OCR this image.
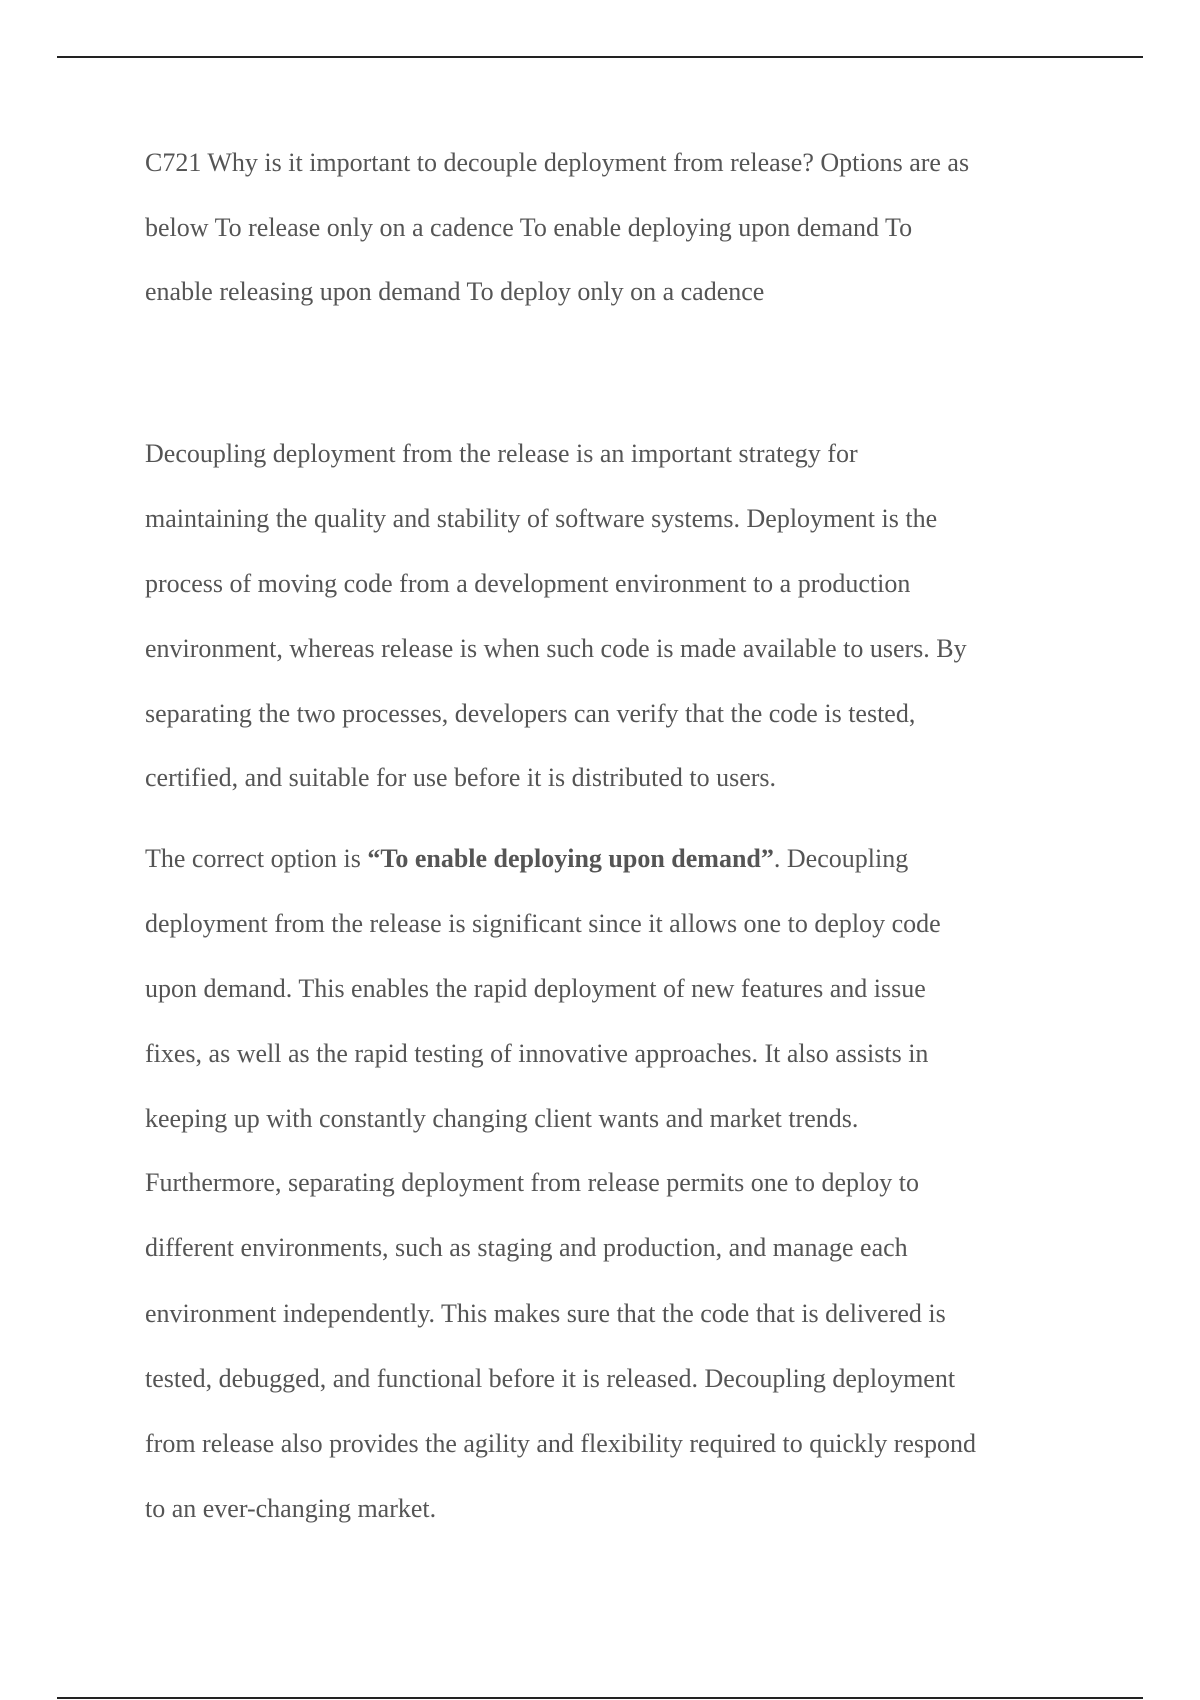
C721 Why is it important to decouple deployment from release? Options are as
below To release only on a cadence To enable deploying upon demand To
enable releasing upon demand To deploy only on a cadence
Decoupling deployment from the release is an important strategy for
maintaining the quality and stability of software systems. Deployment is the
process of moving code from a development environment to a production
environment, whereas release is when such code is made available to users. By
separating the two processes, developers can verify that the code is tested,
certified, and suitable for use before it is distributed to users.
The correct option is “To enable deploying upon demand”. Decoupling
deployment from the release is significant since it allows one to deploy code
upon demand. This enables the rapid deployment of new features and issue
fixes, as well as the rapid testing of innovative approaches. It also assists in
keeping up with constantly changing client wants and market trends.
Furthermore, separating deployment from release permits one to deploy to
different environments, such as staging and production, and manage each
environment independently. This makes sure that the code that is delivered is
tested, debugged, and functional before it is released. Decoupling deployment
from release also provides the agility and flexibility required to quickly respond
to an ever-changing market.
